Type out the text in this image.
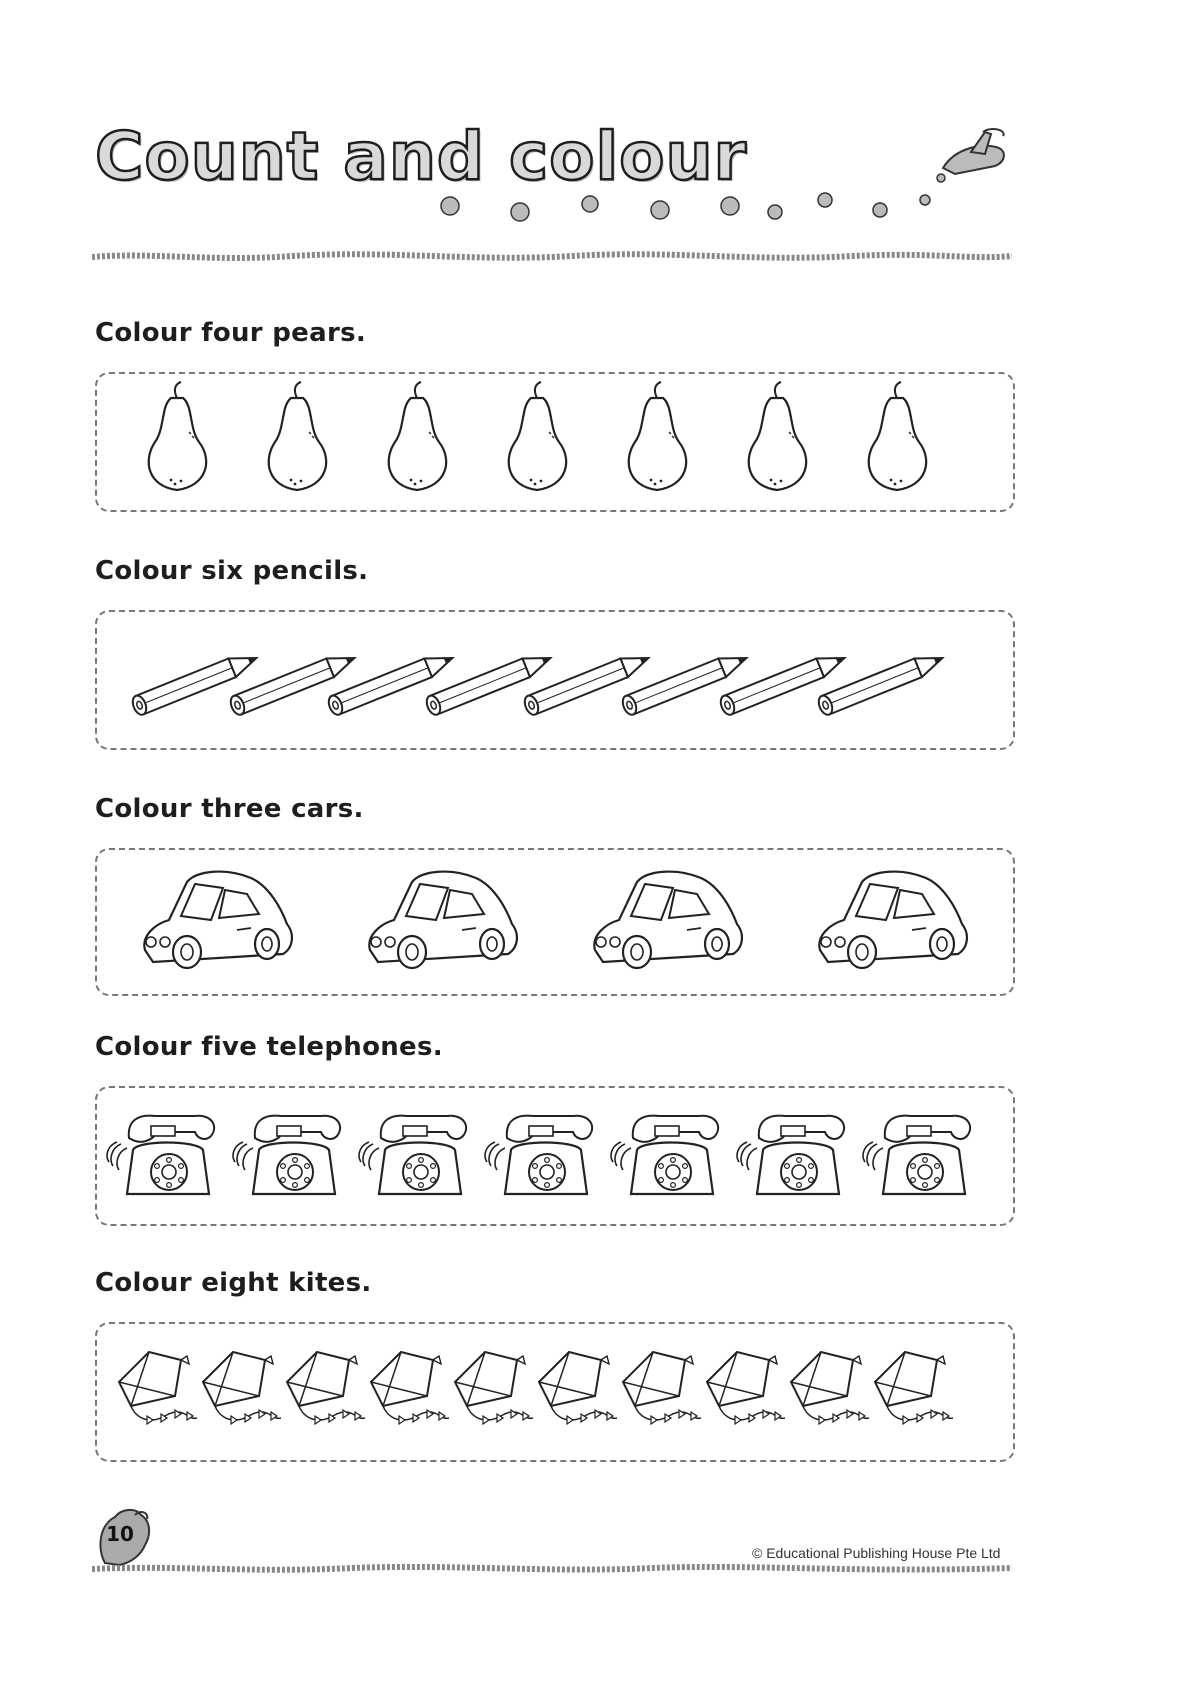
Count and colour

Colour four pears.

Colour six pencils.

Colour three cars.

Colour five telephones.

Colour eight kites.

10
© Educational Publishing House Pte Ltd
